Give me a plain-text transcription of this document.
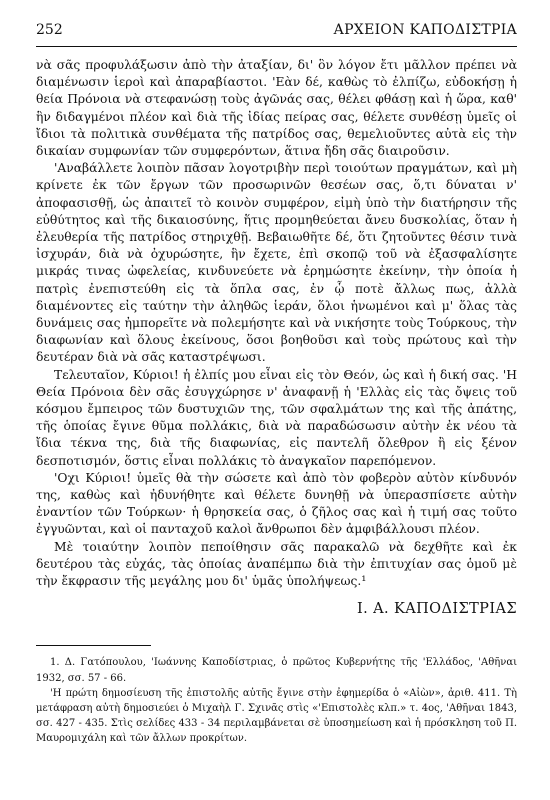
252	ΑΡΧΕΙΟΝ ΚΑΠΟΔΙΣΤΡΙΑ

νὰ σᾶς προφυλάξωσιν ἀπὸ τὴν ἀταξίαν, δι' ὃν λόγον ἔτι μᾶλλον πρέπει νὰ διαμένωσιν ἱεροὶ καὶ ἀπαραβίαστοι. 'Εὰν δέ, καθὼς τὸ ἐλπίζω, εὐδοκήσῃ ἡ θεία Πρόνοια νὰ στεφανώσῃ τοὺς ἀγῶνάς σας, θέλει φθάσῃ καὶ ἡ ὥρα, καθ' ἣν διδαγμένοι πλέον καὶ διὰ τῆς ἰδίας πείρας σας, θέλετε συνθέσῃ ὑμεῖς οἱ ἴδιοι τὰ πολιτικὰ συνθέματα τῆς πατρίδος σας, θεμελιοῦντες αὐτὰ εἰς τὴν δικαίαν συμφωνίαν τῶν συμφερόντων, ἅτινα ἤδη σᾶς διαιροῦσιν.

'Αναβάλλετε λοιπὸν πᾶσαν λογοτριβὴν περὶ τοιούτων πραγμάτων, καὶ μὴ κρίνετε ἐκ τῶν ἔργων τῶν προσωρινῶν θεσέων σας, ὅ,τι δύναται ν' ἀποφασισθῇ, ὡς ἀπαιτεῖ τὸ κοινὸν συμφέρον, εἰμὴ ὑπὸ τὴν διατήρησιν τῆς εὐθύτητος καὶ τῆς δικαιοσύνης, ἥτις προμηθεύεται ἄνευ δυσκολίας, ὅταν ἡ ἐλευθερία τῆς πατρίδος στηριχθῇ. Βεβαιωθῆτε δέ, ὅτι ζητοῦντες θέσιν τινὰ ἰσχυράν, διὰ νὰ ὀχυρώσητε, ἣν ἔχετε, ἐπὶ σκοπῷ τοῦ νὰ ἐξασφαλίσητε μικράς τινας ὠφελείας, κινδυνεύετε νὰ ἐρημώσητε ἐκείνην, τὴν ὁποία ἡ πατρὶς ἐνεπιστεύθη εἰς τὰ ὅπλα σας, ἐν ᾧ ποτὲ ἄλλως πως, ἀλλὰ διαμένοντες εἰς ταύτην τὴν ἀληθῶς ἱεράν, ὅλοι ἡνωμένοι καὶ μ' ὅλας τὰς δυνάμεις σας ἠμπορεῖτε νὰ πολεμήσητε καὶ νὰ νικήσητε τοὺς Τούρκους, τὴν διαφωνίαν καὶ ὅλους ἐκείνους, ὅσοι βοηθοῦσι καὶ τοὺς πρώτους καὶ τὴν δευτέραν διὰ νὰ σᾶς καταστρέψωσι.

Τελευταῖον, Κύριοι! ἡ ἐλπίς μου εἶναι εἰς τὸν Θεόν, ὡς καὶ ἡ δική σας. 'Η Θεία Πρόνοια δὲν σᾶς ἐσυγχώρησε ν' ἀναφανῇ ἡ 'Ελλὰς εἰς τὰς ὄψεις τοῦ κόσμου ἔμπειρος τῶν δυστυχιῶν της, τῶν σφαλμάτων της καὶ τῆς ἀπάτης, τῆς ὁποίας ἔγινε θῦμα πολλάκις, διὰ νὰ παραδώσωσιν αὐτὴν ἐκ νέου τὰ ἴδια τέκνα της, διὰ τῆς διαφωνίας, εἰς παντελῆ ὄλεθρον ἢ εἰς ξένον δεσποτισμόν, ὅστις εἶναι πολλάκις τὸ ἀναγκαῖον παρεπόμενον.

'Οχι Κύριοι! ὑμεῖς θὰ τὴν σώσετε καὶ ἀπὸ τὸν φοβερὸν αὐτὸν κίνδυνόν της, καθὼς καὶ ἠδυνήθητε καὶ θέλετε δυνηθῇ νὰ ὑπερασπίσετε αὐτὴν ἐναντίον τῶν Τούρκων· ἡ θρησκεία σας, ὁ ζῆλος σας καὶ ἡ τιμή σας τοῦτο ἐγγυῶνται, καὶ οἱ πανταχοῦ καλοὶ ἄνθρωποι δὲν ἀμφιβάλλουσι πλέον.

Μὲ τοιαύτην λοιπὸν πεποίθησιν σᾶς παρακαλῶ νὰ δεχθῆτε καὶ ἐκ δευτέρου τὰς εὐχάς, τὰς ὁποίας ἀναπέμπω διὰ τὴν ἐπιτυχίαν σας ὁμοῦ μὲ τὴν ἔκφρασιν τῆς μεγάλης μου δι' ὑμᾶς ὑπολήψεως.¹

Ι. Α. ΚΑΠΟΔΙΣΤΡΙΑΣ

1. Δ. Γατόπουλου, 'Ιωάννης Καποδίστριας, ὁ πρῶτος Κυβερνήτης τῆς 'Ελλάδος, 'Αθῆναι 1932, σσ. 57 - 66.

'Η πρώτη δημοσίευση τῆς ἐπιστολῆς αὐτῆς ἔγινε στὴν ἐφημερίδα ὁ «Αἰὼν», ἀριθ. 411. Τὴ μετάφραση αὐτὴ δημοσιεύει ὁ Μιχαὴλ Γ. Σχινᾶς στὶς «'Επιστολὲς κλπ.» τ. 4ος, 'Αθῆναι 1843, σσ. 427 - 435. Στὶς σελίδες 433 - 34 περιλαμβάνεται σὲ ὑποσημείωση καὶ ἡ πρόσκληση τοῦ Π. Μαυρομιχάλη καὶ τῶν ἄλλων προκρίτων.
